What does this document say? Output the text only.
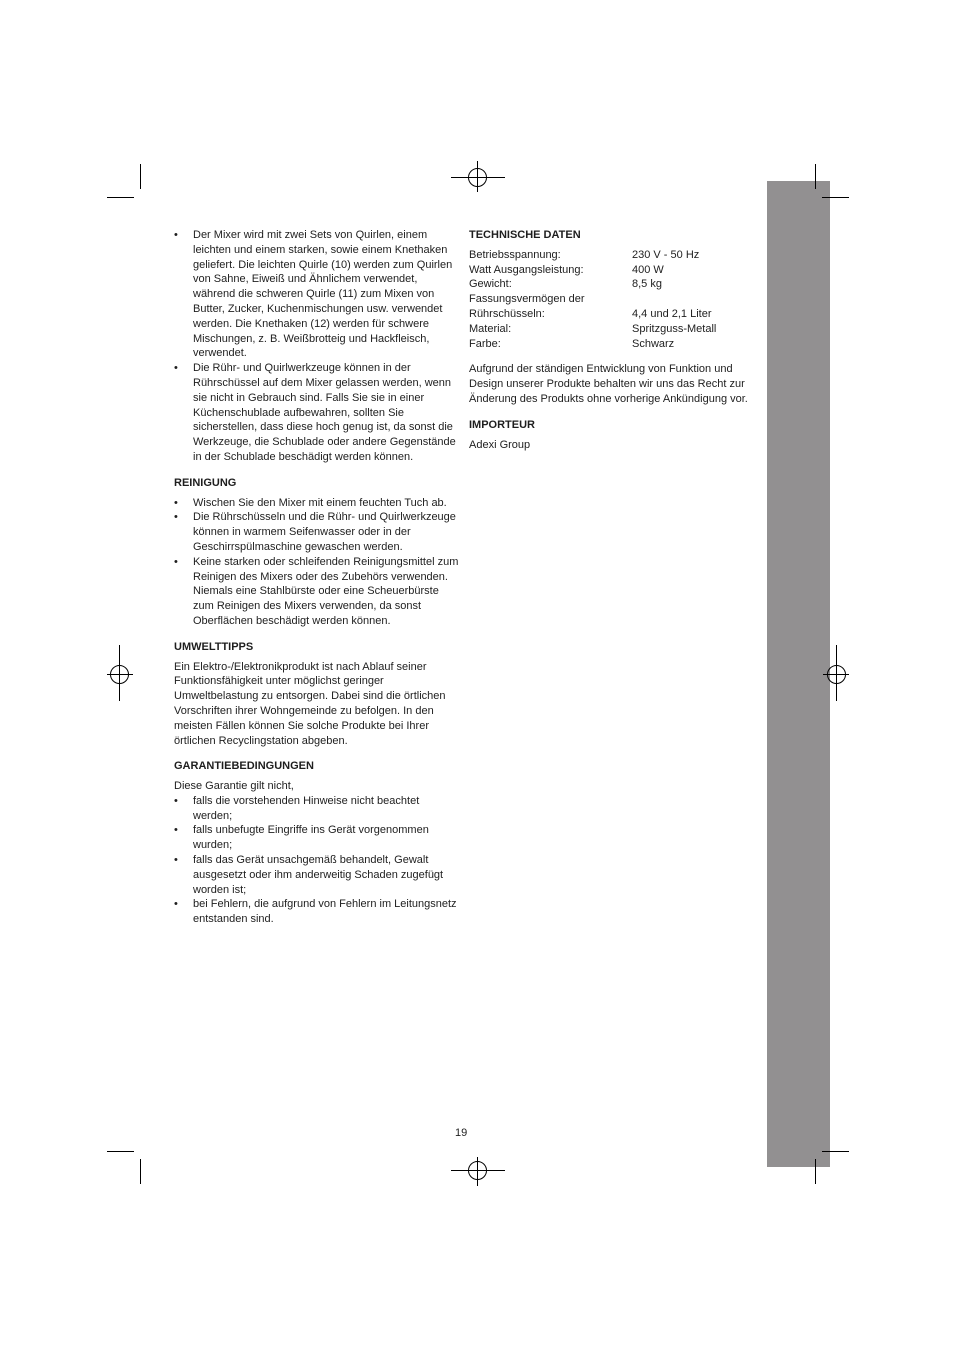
• Der Mixer wird mit zwei Sets von Quirlen, einem leichten und einem starken, sowie einem Knethaken geliefert. Die leichten Quirle (10) werden zum Quirlen von Sahne, Eiweiß und Ähnlichem verwendet, während die schweren Quirle (11) zum Mixen von Butter, Zucker, Kuchenmischungen usw. verwendet werden. Die Knethaken (12) werden für schwere Mischungen, z. B. Weißbrotteig und Hackfleisch, verwendet.
• Die Rühr- und Quirlwerkzeuge können in der Rührschüssel auf dem Mixer gelassen werden, wenn sie nicht in Gebrauch sind. Falls Sie sie in einer Küchenschublade aufbewahren, sollten Sie sicherstellen, dass diese hoch genug ist, da sonst die Werkzeuge, die Schublade oder andere Gegenstände in der Schublade beschädigt werden können.
REINIGUNG
• Wischen Sie den Mixer mit einem feuchten Tuch ab.
• Die Rührschüsseln und die Rühr- und Quirlwerkzeuge können in warmem Seifenwasser oder in der Geschirrspülmaschine gewaschen werden.
• Keine starken oder schleifenden Reinigungsmittel zum Reinigen des Mixers oder des Zubehörs verwenden. Niemals eine Stahlbürste oder eine Scheuerbürste zum Reinigen des Mixers verwenden, da sonst Oberflächen beschädigt werden können.
UMWELTTIPPS

Ein Elektro-/Elektronikprodukt ist nach Ablauf seiner Funktionsfähigkeit unter möglichst geringer Umweltbelastung zu entsorgen. Dabei sind die örtlichen Vorschriften ihrer Wohngemeinde zu befolgen. In den meisten Fällen können Sie solche Produkte bei Ihrer örtlichen Recyclingstation abgeben.

GARANTIEBEDINGUNGEN

Diese Garantie gilt nicht,

• falls die vorstehenden Hinweise nicht beachtet werden;
• falls unbefugte Eingriffe ins Gerät vorgenommen wurden;
• falls das Gerät unsachgemäß behandelt, Gewalt ausgesetzt oder ihm anderweitig Schaden zugefügt worden ist;
• bei Fehlern, die aufgrund von Fehlern im Leitungsnetz entstanden sind.
TECHNISCHE DATEN
Betriebsspannung:	230 V - 50 Hz
Watt Ausgangsleistung:	400 W
Gewicht:	8,5 kg
Fassungsvermögen der	
Rührschüsseln:	4,4 und 2,1 Liter
Material:	Spritzguss-Metall
Farbe:	Schwarz

Aufgrund der ständigen Entwicklung von Funktion und Design unserer Produkte behalten wir uns das Recht zur Änderung des Produkts ohne vorherige Ankündigung vor.

IMPORTEUR

Adexi Group

19
